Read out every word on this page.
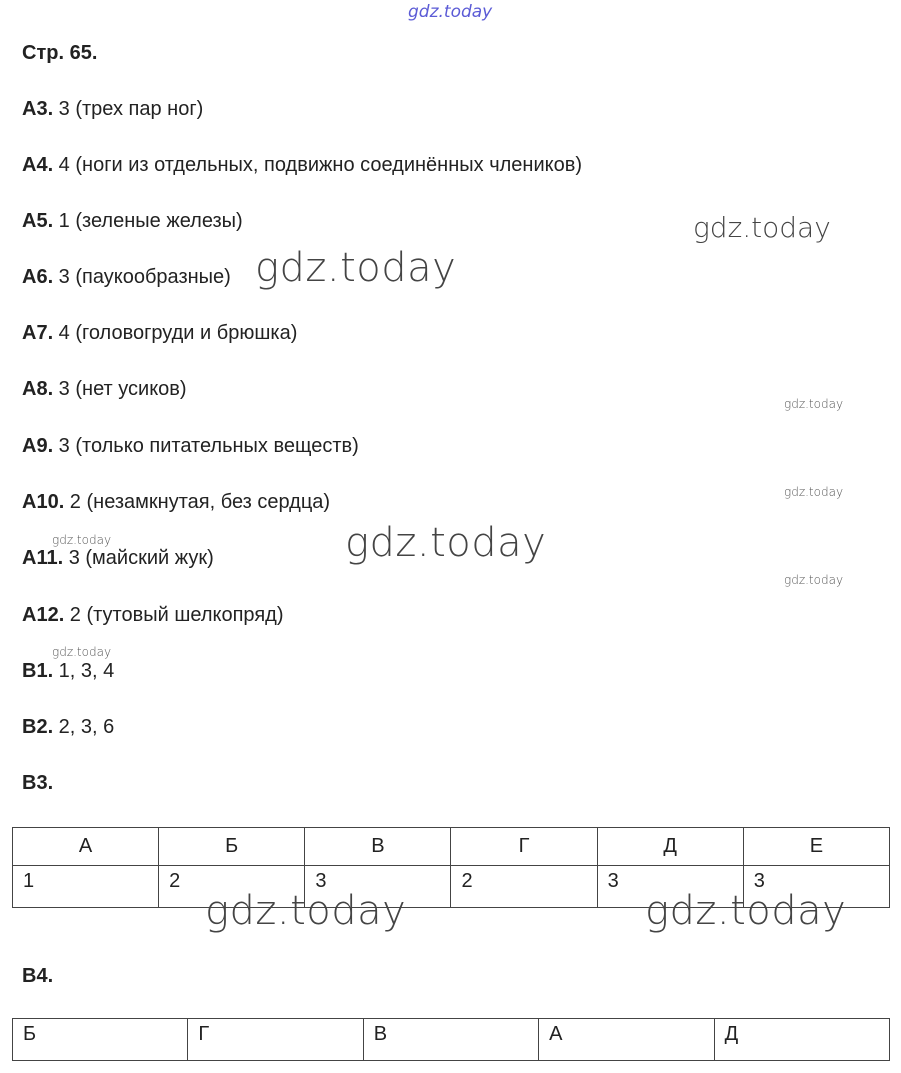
gdz.today
gdz.today
gdz.today
gdz.today
gdz.today
gdz.today
gdz.today
gdz.today
gdz.today
Стр. 65.
А3. 3 (трех пар ног)
А4. 4 (ноги из отдельных, подвижно соединённых члеников)
А5. 1 (зеленые железы)
А6. 3 (паукообразные)
А7. 4 (головогруди и брюшка)
А8. 3 (нет усиков)
А9. 3 (только питательных веществ)
А10. 2 (незамкнутая, без сердца)
А11. 3 (майский жук)
А12. 2 (тутовый шелкопряд)
В1. 1, 3, 4
В2. 2, 3, 6
В3.
А	Б	В	Г	Д	Е
1	2	3	2	3	3
gdz.today	gdz.today
В4.
Б	Г	В	А	Д
